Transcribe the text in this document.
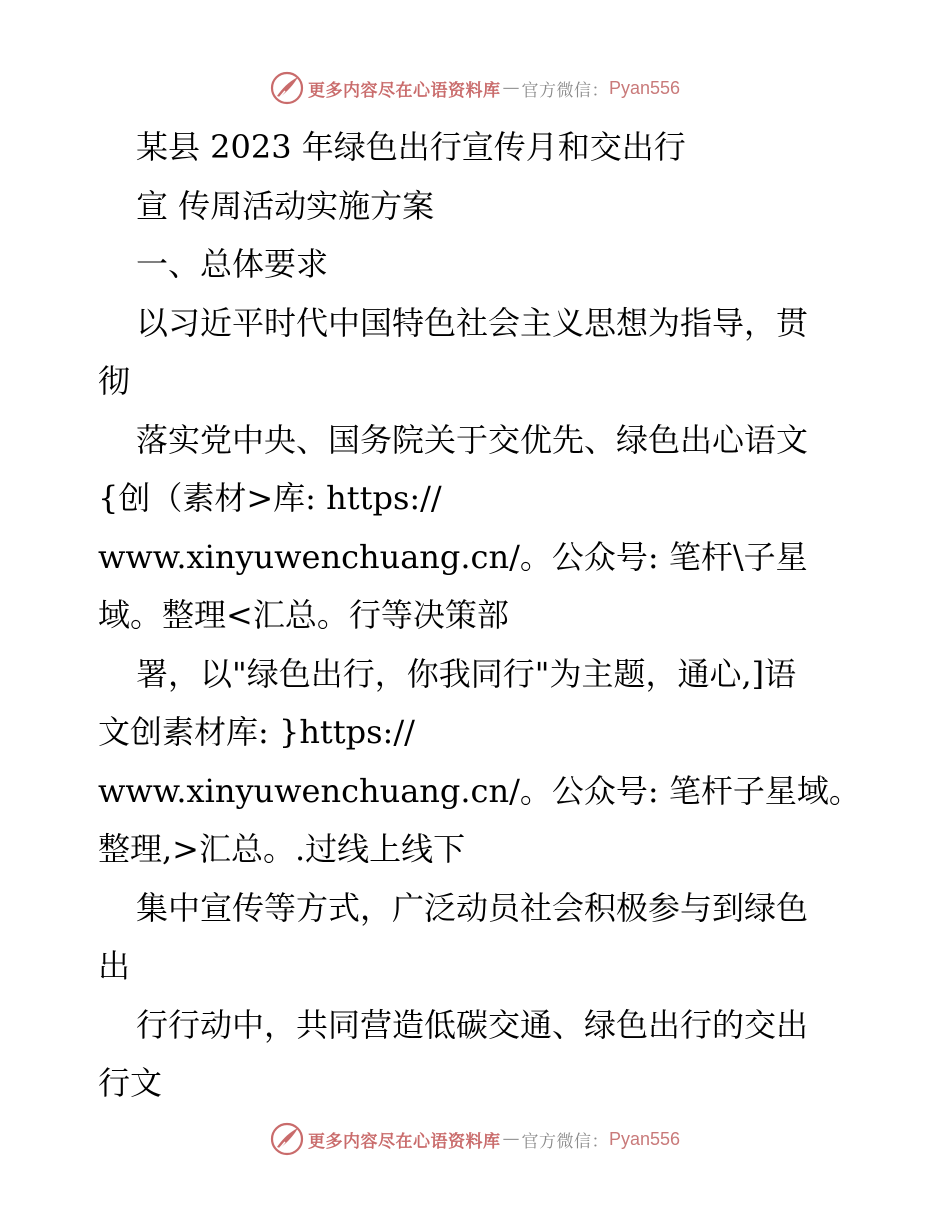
更多内容尽在心语资料库 — 官方微信： Pyan556
某县 2023 年绿色出行宣传月和交出行
宣 传周活动实施方案
一、总体要求
以习近平时代中国特色社会主义思想为指导，贯
彻
落实党中央、国务院关于交优先、绿色出心语文
{创（素材>库: https://
www.xinyuwenchuang.cn/。公众号: 笔杆\子星
域。整理<汇总。行等决策部
署，以"绿色出行，你我同行"为主题，通心,]语
文创素材库: }https://
www.xinyuwenchuang.cn/。公众号: 笔杆子星域。
整理,>汇总。.过线上线下
集中宣传等方式，广泛动员社会积极参与到绿色
出
行行动中，共同营造低碳交通、绿色出行的交出
行文
更多内容尽在心语资料库 — 官方微信： Pyan556
